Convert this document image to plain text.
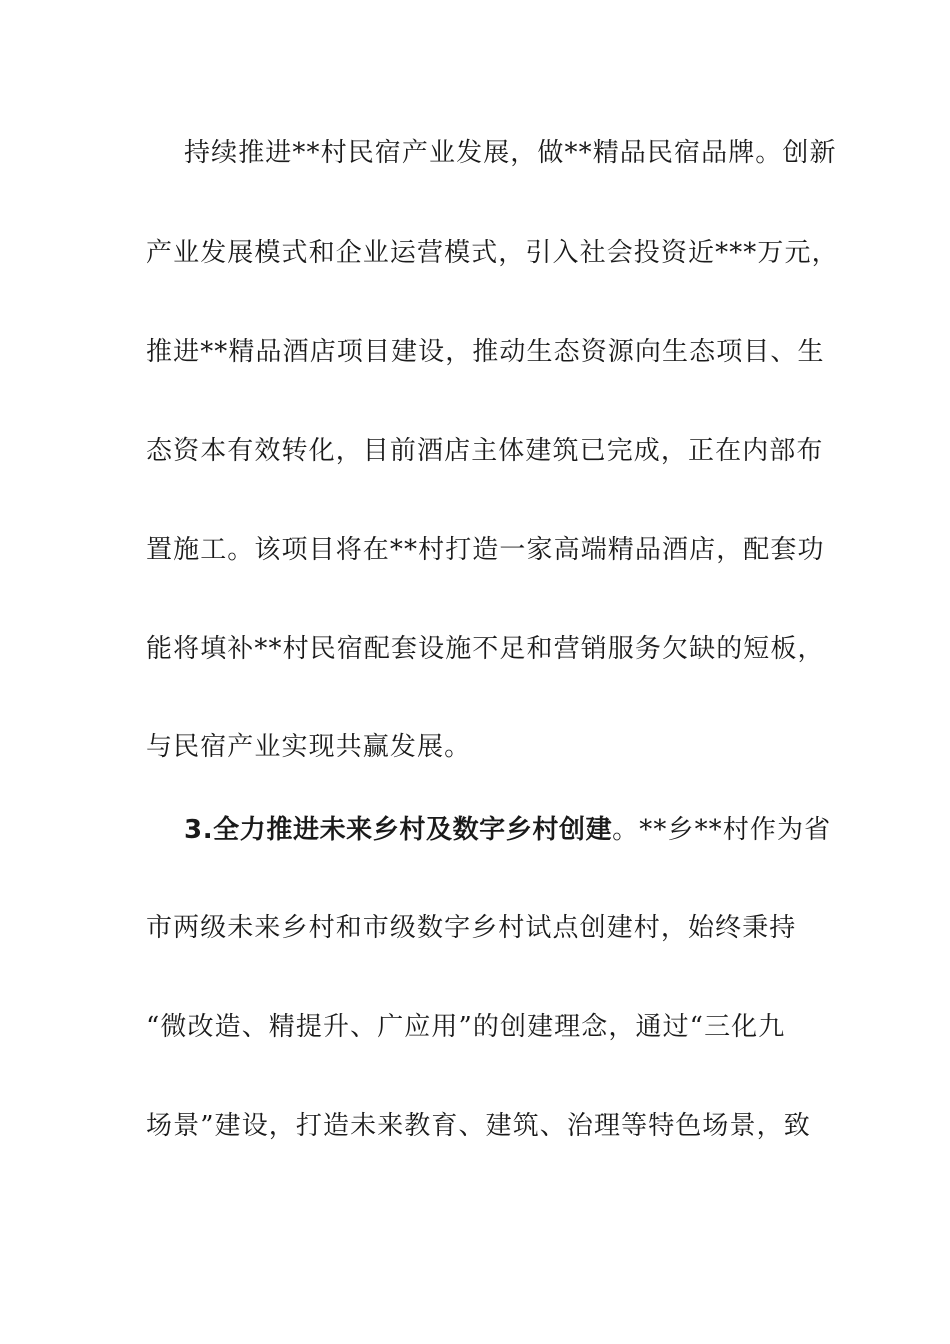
持续推进**村民宿产业发展，做**精品民宿品牌。创新
产业发展模式和企业运营模式，引入社会投资近***万元，
推进**精品酒店项目建设，推动生态资源向生态项目、生
态资本有效转化，目前酒店主体建筑已完成，正在内部布
置施工。该项目将在**村打造一家高端精品酒店，配套功
能将填补**村民宿配套设施不足和营销服务欠缺的短板，
与民宿产业实现共赢发展。
3.全力推进未来乡村及数字乡村创建。**乡**村作为省
市两级未来乡村和市级数字乡村试点创建村，始终秉持
“微改造、精提升、广应用”的创建理念，通过“三化九
场景”建设，打造未来教育、建筑、治理等特色场景，致
